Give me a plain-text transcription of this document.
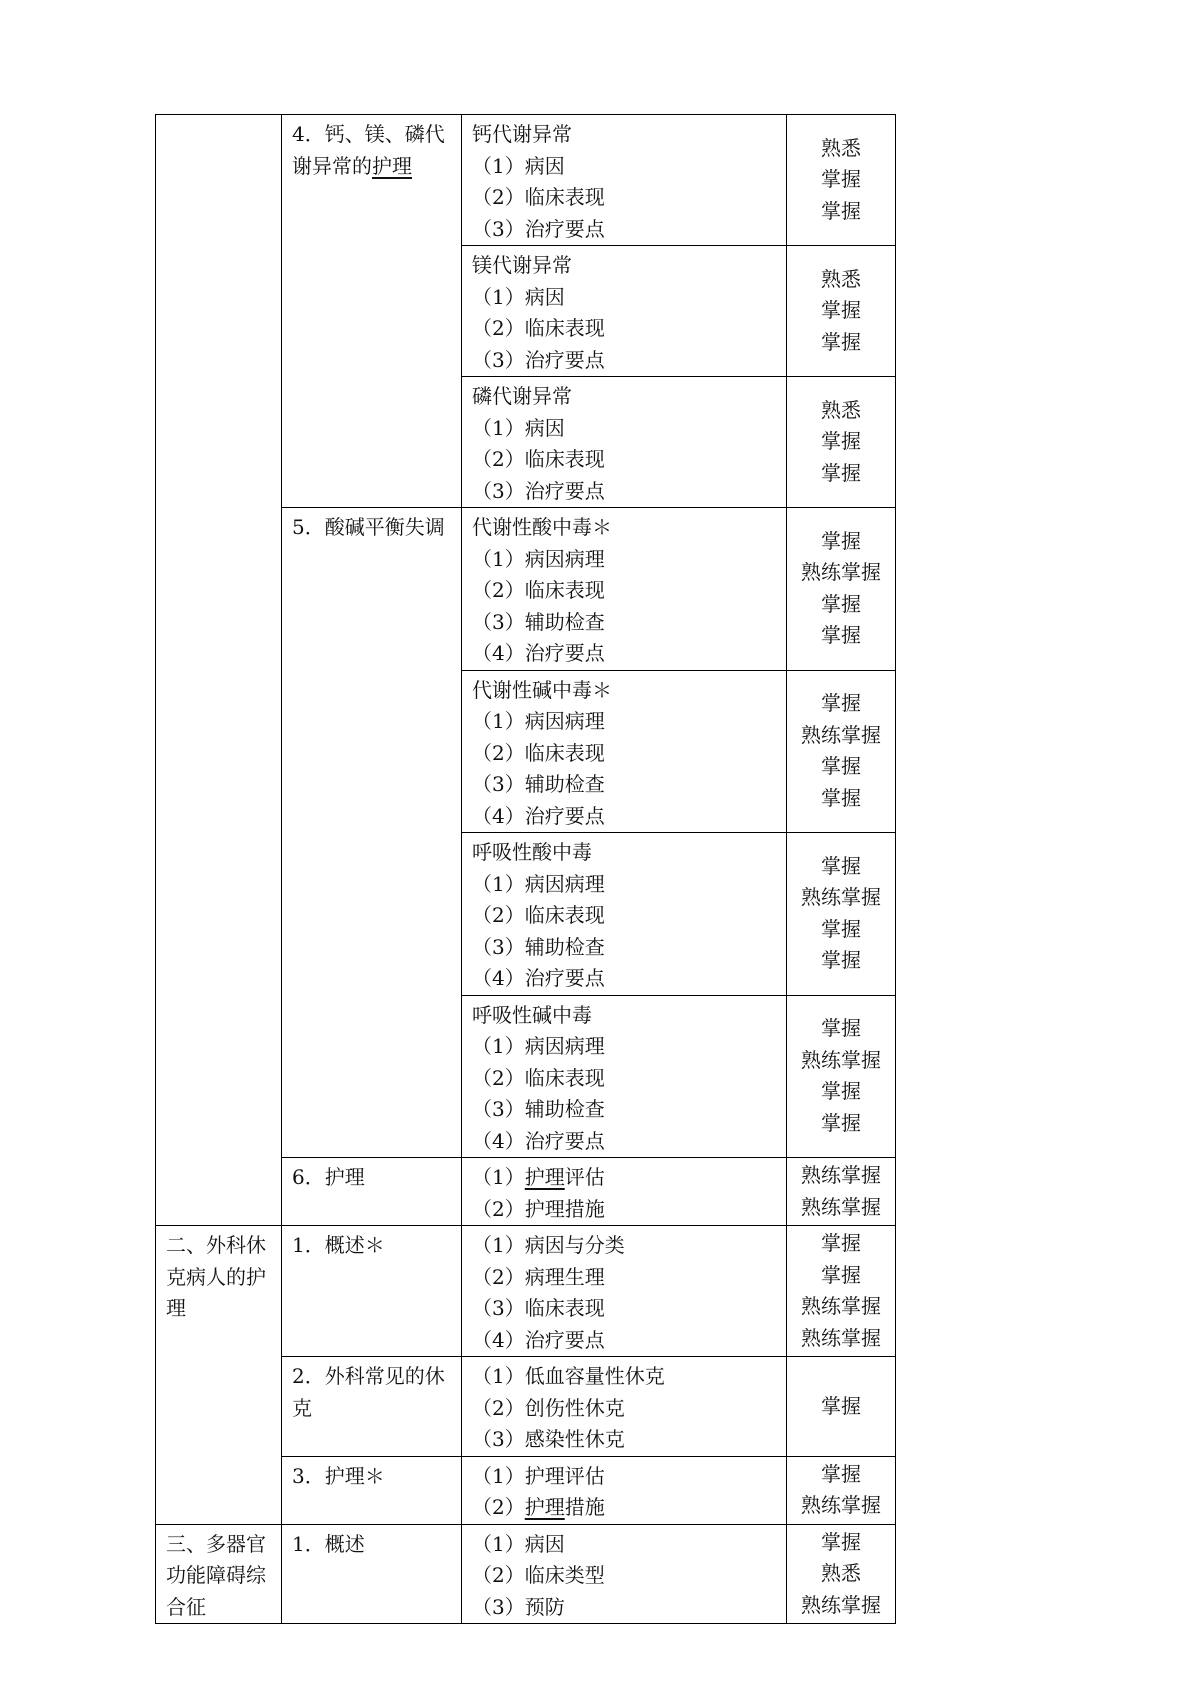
	4．钙、镁、磷代谢异常的护理	钙代谢异常
（1）病因
（2）临床表现
（3）治疗要点	熟悉
掌握
掌握

		镁代谢异常
（1）病因
（2）临床表现
（3）治疗要点	熟悉
掌握
掌握

		磷代谢异常
（1）病因
（2）临床表现
（3）治疗要点	熟悉
掌握
掌握

	5．酸碱平衡失调	代谢性酸中毒＊
（1）病因病理
（2）临床表现
（3）辅助检查
（4）治疗要点	掌握
熟练掌握
掌握
掌握

		代谢性碱中毒＊
（1）病因病理
（2）临床表现
（3）辅助检查
（4）治疗要点	掌握
熟练掌握
掌握
掌握

		呼吸性酸中毒
（1）病因病理
（2）临床表现
（3）辅助检查
（4）治疗要点	掌握
熟练掌握
掌握
掌握

		呼吸性碱中毒
（1）病因病理
（2）临床表现
（3）辅助检查
（4）治疗要点	掌握
熟练掌握
掌握
掌握

	6．护理	（1）护理评估
（2）护理措施	熟练掌握
熟练掌握

二、外科休克病人的护理	1．概述＊	（1）病因与分类
（2）病理生理
（3）临床表现
（4）治疗要点	掌握
掌握
熟练掌握
熟练掌握

	2．外科常见的休克	（1）低血容量性休克
（2）创伤性休克
（3）感染性休克	掌握

	3．护理＊	（1）护理评估
（2）护理措施	掌握
熟练掌握

三、多器官功能障碍综合征	1．概述	（1）病因
（2）临床类型
（3）预防	掌握
熟悉
熟练掌握
